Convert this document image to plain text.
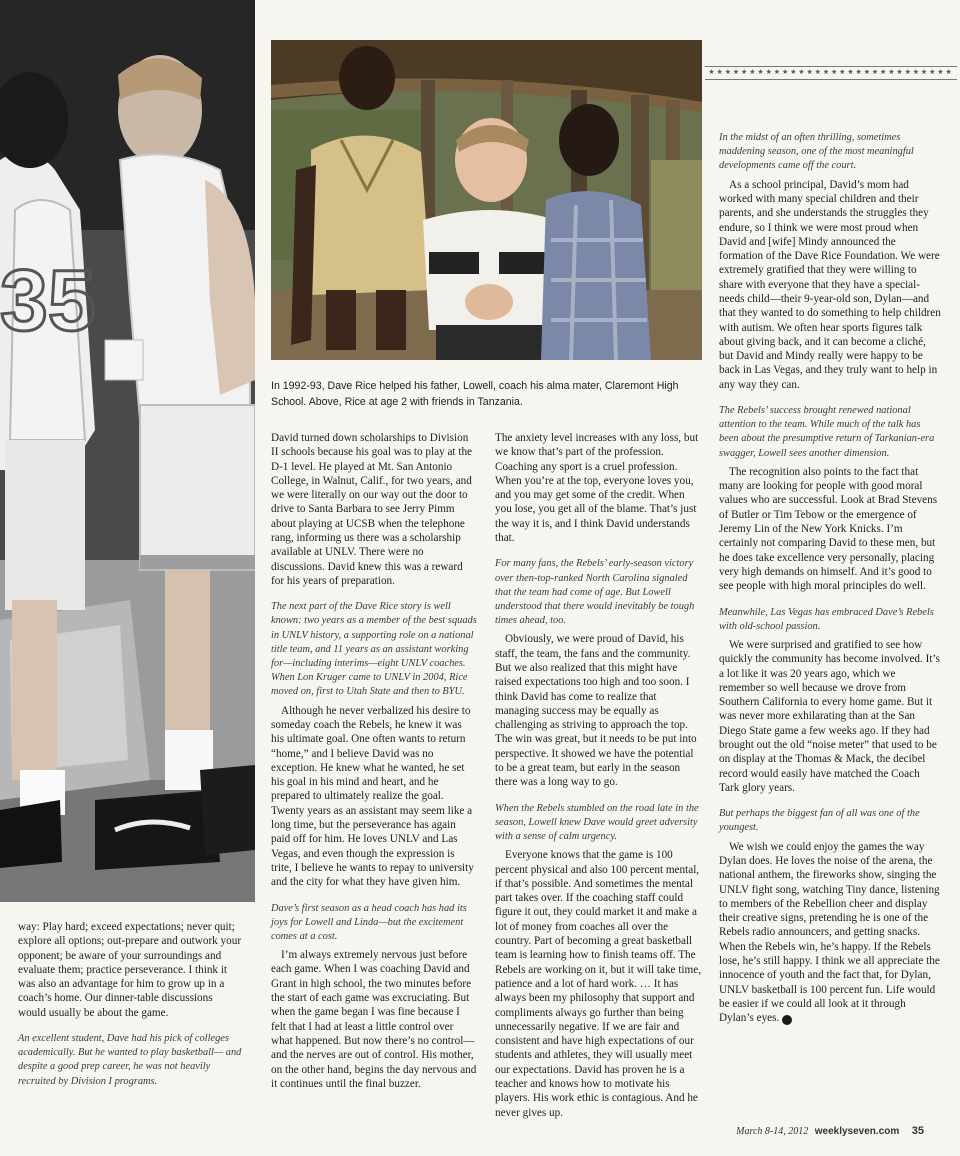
35
In 1992-93, Dave Rice helped his father, Lowell, coach his alma mater, Claremont High School. Above, Rice at age 2 with friends in Tanzania.
★★★★★★★★★★★★★★★★★★★★★★★★★★★★★★

way: Play hard; exceed expectations; never quit; explore all options; out-prepare and outwork your opponent; be aware of your surroundings and evaluate them; practice perseverance. I think it was also an advantage for him to grow up in a coach’s home. Our dinner-table discussions would usually be about the game.

An excellent student, Dave had his pick of colleges academically. But he wanted to play basketball— and despite a good prep career, he was not heavily recruited by Division I programs.

David turned down scholarships to Division II schools because his goal was to play at the D-1 level. He played at Mt. San Antonio College, in Walnut, Calif., for two years, and we were literally on our way out the door to drive to Santa Barbara to see Jerry Pimm about playing at UCSB when the telephone rang, informing us there was a scholarship available at UNLV. There were no discussions. David knew this was a reward for his years of preparation.

The next part of the Dave Rice story is well known: two years as a member of the best squads in UNLV history, a supporting role on a national title team, and 11 years as an assistant working for—including interims—eight UNLV coaches. When Lon Kruger came to UNLV in 2004, Rice moved on, first to Utah State and then to BYU.

Although he never verbalized his desire to someday coach the Rebels, he knew it was his ultimate goal. One often wants to return “home,” and I believe David was no exception. He knew what he wanted, he set his goal in his mind and heart, and he prepared to ultimately realize the goal. Twenty years as an assistant may seem like a long time, but the perseverance has again paid off for him. He loves UNLV and Las Vegas, and even though the expression is trite, I believe he wants to repay to university and the city for what they have given him.

Dave’s first season as a head coach has had its joys for Lowell and Linda—but the excitement comes at a cost.

I’m always extremely nervous just before each game. When I was coaching David and Grant in high school, the two minutes before the start of each game was excruciating. But when the game began I was fine because I felt that I had at least a little control over what happened. But now there’s no control—and the nerves are out of control. His mother, on the other hand, begins the day nervous and it continues until the final buzzer.

The anxiety level increases with any loss, but we know that’s part of the profession. Coaching any sport is a cruel profession. When you’re at the top, everyone loves you, and you may get some of the credit. When you lose, you get all of the blame. That’s just the way it is, and I think David understands that.

For many fans, the Rebels’ early-season victory over then-top-ranked North Carolina signaled that the team had come of age. But Lowell understood that there would inevitably be tough times ahead, too.

Obviously, we were proud of David, his staff, the team, the fans and the community. But we also realized that this might have raised expectations too high and too soon. I think David has come to realize that managing success may be equally as challenging as striving to approach the top. The win was great, but it needs to be put into perspective. It showed we have the potential to be a great team, but early in the season there was a long way to go.

When the Rebels stumbled on the road late in the season, Lowell knew Dave would greet adversity with a sense of calm urgency.

Everyone knows that the game is 100 percent physical and also 100 percent mental, if that’s possible. And sometimes the mental part takes over. If the coaching staff could figure it out, they could market it and make a lot of money from coaches all over the country. Part of becoming a great basketball team is learning how to finish teams off. The Rebels are working on it, but it will take time, patience and a lot of hard work. … It has always been my philosophy that support and compliments always go further than being unnecessarily negative. If we are fair and consistent and have high expectations of our students and athletes, they will usually meet our expectations. David has proven he is a teacher and knows how to motivate his players. His work ethic is contagious. And he never gives up.

In the midst of an often thrilling, sometimes maddening season, one of the most meaningful developments came off the court.

As a school principal, David’s mom had worked with many special children and their parents, and she understands the struggles they endure, so I think we were most proud when David and [wife] Mindy announced the formation of the Dave Rice Foundation. We were extremely gratified that they were willing to share with everyone that they have a special-needs child—their 9-year-old son, Dylan—and that they wanted to do something to help children with autism. We often hear sports figures talk about giving back, and it can become a cliché, but David and Mindy really were happy to be back in Las Vegas, and they truly want to help in any way they can.

The Rebels’ success brought renewed national attention to the team. While much of the talk has been about the presumptive return of Tarkanian-era swagger, Lowell sees another dimension.

The recognition also points to the fact that many are looking for people with good moral values who are successful. Look at Brad Stevens of Butler or Tim Tebow or the emergence of Jeremy Lin of the New York Knicks. I’m certainly not comparing David to these men, but he does take excellence very personally, placing very high demands on himself. And it’s good to see people with high moral principles do well.

Meanwhile, Las Vegas has embraced Dave’s Rebels with old-school passion.

We were surprised and gratified to see how quickly the community has become involved. It’s a lot like it was 20 years ago, which we remember so well because we drove from Southern California to every home game. But it was never more exhilarating than at the San Diego State game a few weeks ago. If they had brought out the old “noise meter” that used to be on display at the Thomas & Mack, the decibel record would easily have matched the Coach Tark glory years.

But perhaps the biggest fan of all was one of the youngest.

We wish we could enjoy the games the way Dylan does. He loves the noise of the arena, the national anthem, the fireworks show, singing the UNLV fight song, watching Tiny dance, listening to members of the Rebellion cheer and display their creative signs, pretending he is one of the Rebels radio announcers, and getting snacks. When the Rebels win, he’s happy. If the Rebels lose, he’s still happy. I think we all appreciate the innocence of youth and the fact that, for Dylan, UNLV basketball is 100 percent fun. Life would be easier if we could all look at it through Dylan’s eyes. 7

March 8-14, 2012 weeklyseven.com 35
